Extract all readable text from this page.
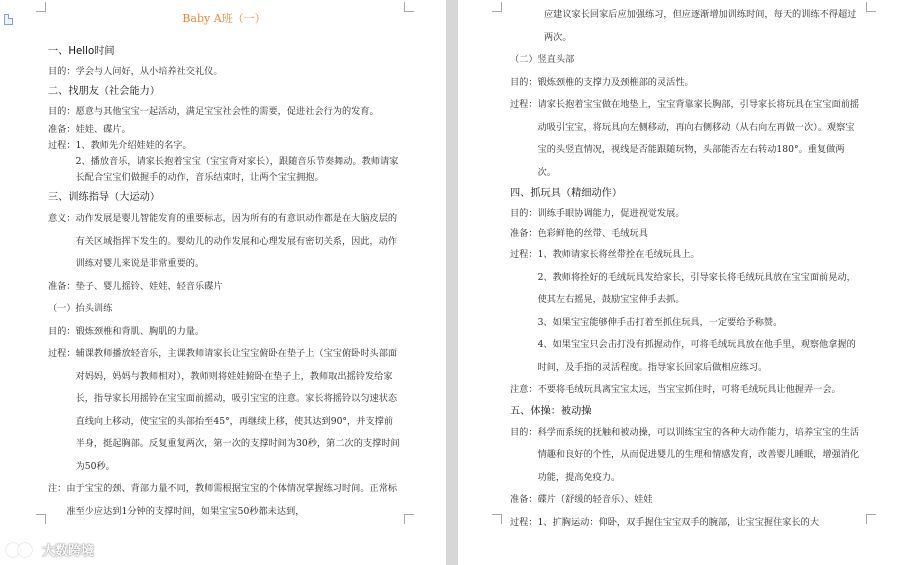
Baby A班（一）
一、Hello时间
目的： 学会与人问好，从小培养社交礼仪。
二、找朋友（社会能力）
目的： 愿意与其他宝宝一起活动，满足宝宝社会性的需要，促进社会行为的发育。
准备： 娃娃、碟片。
过程： 1、教师先介绍娃娃的名字。
2、播放音乐，请家长抱着宝宝（宝宝背对家长），跟随音乐节奏舞动。教师请家长配合宝宝们做握手的动作，音乐结束时，让两个宝宝拥抱。
三、训练指导（大运动）
意义： 动作发展是婴儿智能发育的重要标志，因为所有的有意识动作都是在大脑皮层的有关区域指挥下发生的。婴幼儿的动作发展和心理发展有密切关系，因此，动作训练对婴儿来说是非常重要的。
准备： 垫子、婴儿摇铃、娃娃、轻音乐碟片
（一）抬头训练
目的： 锻炼颈椎和背肌、胸肌的力量。
过程： 辅课教师播放轻音乐，主课教师请家长让宝宝俯卧在垫子上（宝宝俯卧时头部面对妈妈，妈妈与教师相对），教师则将娃娃俯卧在垫子上，教师取出摇铃发给家长，指导家长用摇铃在宝宝面前摇动，吸引宝宝的注意。家长将摇铃以匀速状态直线向上移动，使宝宝的头部抬至45°，再继续上移，使其达到90°，并支撑前半身，挺起胸部。反复重复两次，第一次的支撑时间为30秒，第二次的支撑时间为50秒。
注： 由于宝宝的颈、背部力量不同，教师需根据宝宝的个体情况掌握练习时间。正常标准至少应达到1分钟的支撑时间，如果宝宝50秒都未达到，
应建议家长回家后应加强练习，但应逐渐增加训练时间，每天的训练不得超过两次。
（二）竖直头部
目的： 锻炼颈椎的支撑力及颈椎部的灵活性。
过程： 请家长抱着宝宝做在地垫上，宝宝背靠家长胸部，引导家长将玩具在宝宝面前摇动吸引宝宝，将玩具向左侧移动，再向右侧移动（从右向左再做一次）。观察宝宝的头竖直情况，视线是否能跟随玩物，头部能否左右转动180°。重复做两次。
四、抓玩具（精细动作）
目的： 训练手眼协调能力，促进视觉发展。
准备： 色彩鲜艳的丝带、毛绒玩具
过程： 1、教师请家长将丝带拴在毛绒玩具上。
2、教师将拴好的毛绒玩具发给家长，引导家长将毛绒玩具放在宝宝面前晃动，使其左右摇晃，鼓励宝宝伸手去抓。
3、如果宝宝能够伸手击打着至抓住玩具，一定要给予称赞。
4、如果宝宝只会击打没有抓握动作，可将毛绒玩具放在他手里，观察他拿握的时间，及手指的灵活程度。指导家长回家后做相应练习。
注意： 不要将毛绒玩具离宝宝太远，当宝宝抓住时，可将毛绒玩具让他握弄一会。
五、体操：被动操
目的： 科学而系统的抚触和被动操，可以训练宝宝的各种大动作能力，培养宝宝的生活情趣和良好的个性，从而促进婴儿的生理和情感发育，改善婴儿睡眠，增强消化功能，提高免疫力。
准备： 碟片（舒缓的轻音乐）、娃娃
过程： 1、扩胸运动：仰卧，双手握住宝宝双手的腕部，让宝宝握住家长的大
大数跨境
